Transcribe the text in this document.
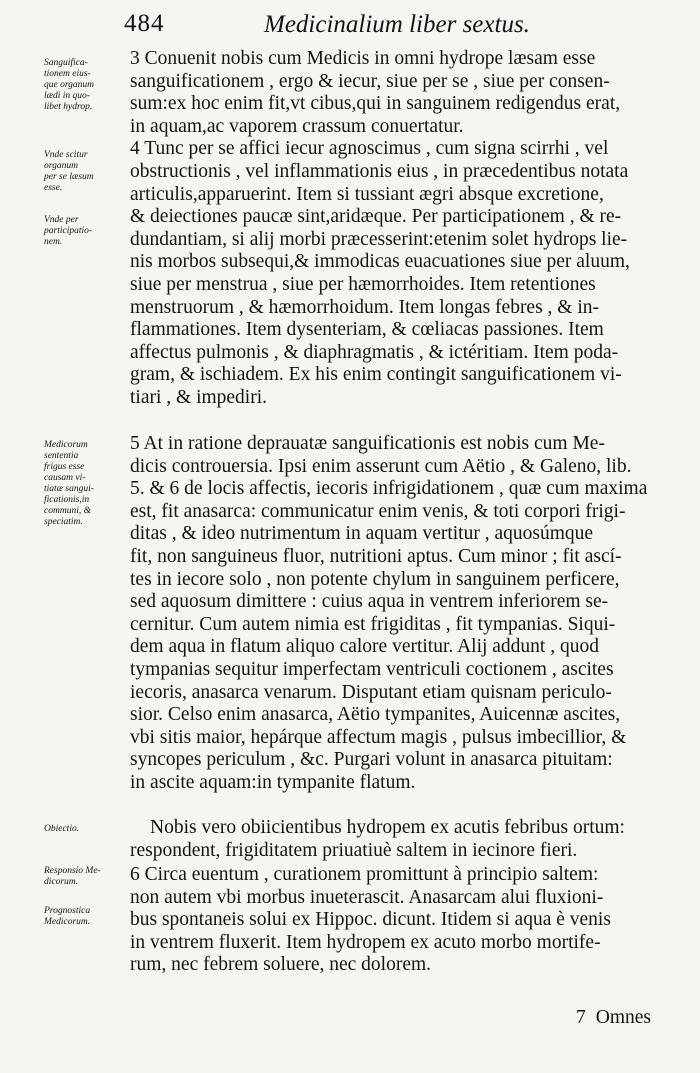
484	Medicinalium liber sextus.
Sanguifica-
tionem eius-
que organum
lædi in quo-
libet hydrop.
Vnde scitur
organum
per se læsum
esse.
Vnde per
participatio-
nem.
Medicorum
sententia
frigus esse
causam vi-
tiatæ sangui-
ficationis,in
communi, &
speciatim.
Obiectio.
Responsio Me-
dicorum.
Prognostica
Medicorum.
3 Conuenit nobis cum Medicis in omni hydrope læsam esse
sanguificationem , ergo & iecur, siue per se , siue per consen-
sum:ex hoc enim fit,vt cibus,qui in sanguinem redigendus erat,
in aquam,ac vaporem crassum conuertatur.
4 Tunc per se affici iecur agnoscimus , cum signa scirrhi , vel
obstructionis , vel inflammationis eius , in præcedentibus notata
articulis,apparuerint. Item si tussiant ægri absque excretione,
& deiectiones paucæ sint,aridæque. Per participationem , & re-
dundantiam, si alij morbi præcesserint:etenim solet hydrops lie-
nis morbos subsequi,& immodicas euacuationes siue per aluum,
siue per menstrua , siue per hæmorrhoides. Item retentiones
menstruorum , & hæmorrhoidum. Item longas febres , & in-
flammationes. Item dysenteriam, & cœliacas passiones. Item
affectus pulmonis , & diaphragmatis , & ictéritiam. Item poda-
gram, & ischiadem. Ex his enim contingit sanguificationem vi-
tiari , & impediri.
5 At in ratione deprauatæ sanguificationis est nobis cum Me-
dicis controuersia. Ipsi enim asserunt cum Aëtio , & Galeno, lib.
5. & 6 de locis affectis, iecoris infrigidationem , quæ cum maxima
est, fit anasarca: communicatur enim venis, & toti corpori frigi-
ditas , & ideo nutrimentum in aquam vertitur , aquosúmque
fit, non sanguineus fluor, nutritioni aptus. Cum minor ; fit ascí-
tes in iecore solo , non potente chylum in sanguinem perficere,
sed aquosum dimittere : cuius aqua in ventrem inferiorem se-
cernitur. Cum autem nimia est frigiditas , fit tympanias. Siqui-
dem aqua in flatum aliquo calore vertitur. Alij addunt , quod
tympanias sequitur imperfectam ventriculi coctionem , ascites
iecoris, anasarca venarum. Disputant etiam quisnam periculo-
sior. Celso enim anasarca, Aëtio tympanites, Auicennæ ascites,
vbi sitis maior, hepárque affectum magis , pulsus imbecillior, &
syncopes periculum , &c. Purgari volunt in anasarca pituitam:
in ascite aquam:in tympanite flatum.
Nobis vero obiicientibus hydropem ex acutis febribus ortum:
respondent, frigiditatem priuatiuè saltem in iecinore fieri.
6 Circa euentum , curationem promittunt à principio saltem:
non autem vbi morbus inueterascit. Anasarcam alui fluxioni-
bus spontaneis solui ex Hippoc. dicunt. Itidem si aqua è venis
in ventrem fluxerit. Item hydropem ex acuto morbo mortife-
rum, nec febrem soluere, nec dolorem.
7 Omnes
